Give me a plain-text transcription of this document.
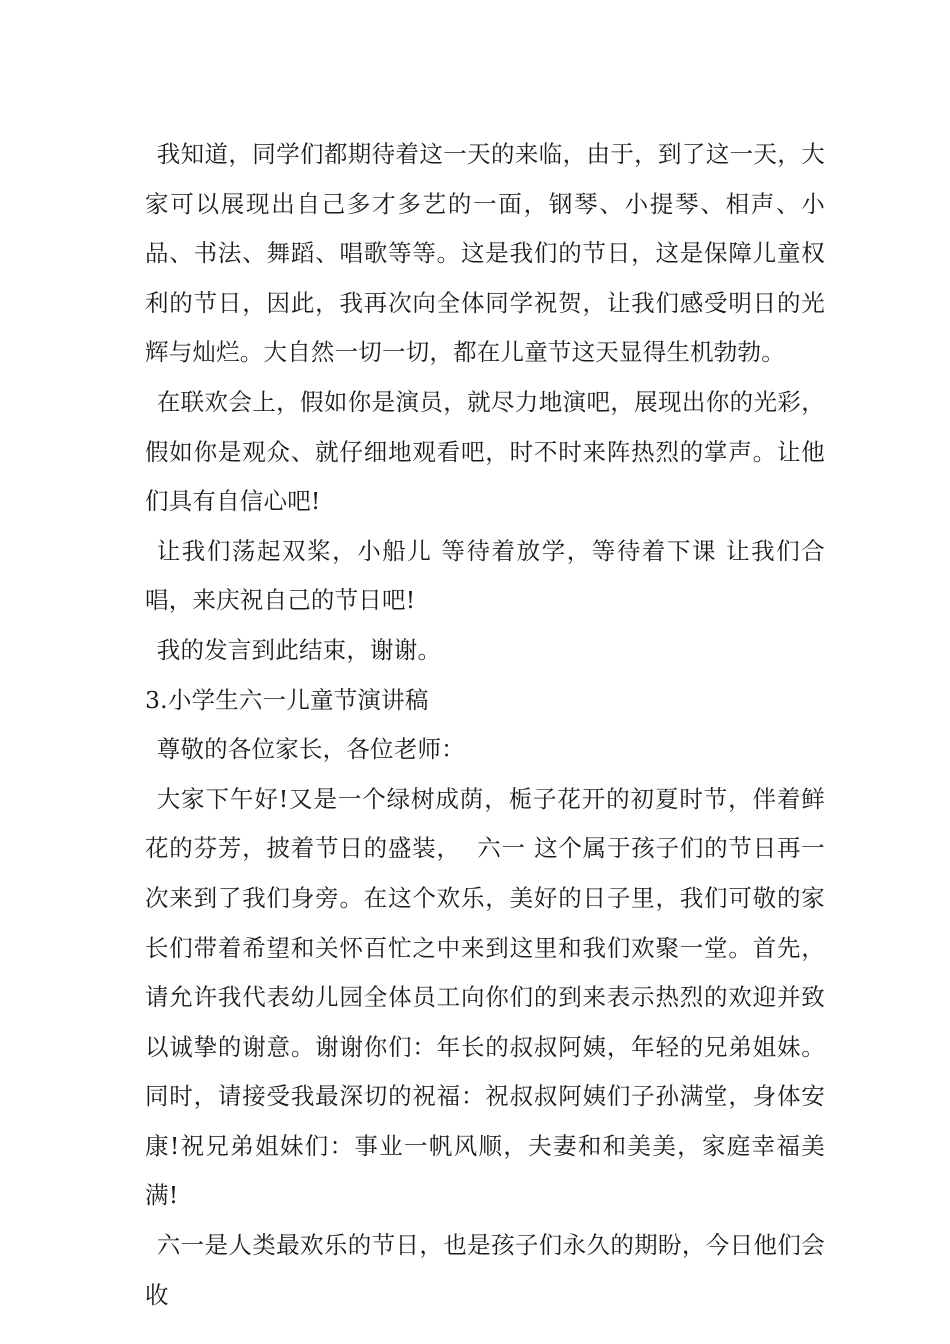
我知道，同学们都期待着这一天的来临，由于，到了这一天，大家可以展现出自己多才多艺的一面，钢琴、小提琴、相声、小品、书法、舞蹈、唱歌等等。这是我们的节日，这是保障儿童权利的节日，因此，我再次向全体同学祝贺，让我们感受明日的光辉与灿烂。大自然一切一切，都在儿童节这天显得生机勃勃。

在联欢会上，假如你是演员，就尽力地演吧，展现出你的光彩，假如你是观众、就仔细地观看吧，时不时来阵热烈的掌声。让他们具有自信心吧!

让我们荡起双桨，小船儿 等待着放学，等待着下课 让我们合唱，来庆祝自己的节日吧!

我的发言到此结束，谢谢。

3.小学生六一儿童节演讲稿

尊敬的各位家长，各位老师：

大家下午好!又是一个绿树成荫，栀子花开的初夏时节，伴着鲜花的芬芳，披着节日的盛装，  六一 这个属于孩子们的节日再一次来到了我们身旁。在这个欢乐，美好的日子里，我们可敬的家长们带着希望和关怀百忙之中来到这里和我们欢聚一堂。首先，请允许我代表幼儿园全体员工向你们的到来表示热烈的欢迎并致以诚挚的谢意。谢谢你们：年长的叔叔阿姨，年轻的兄弟姐妹。同时，请接受我最深切的祝福：祝叔叔阿姨们子孙满堂，身体安康!祝兄弟姐妹们：事业一帆风顺，夫妻和和美美，家庭幸福美满!

六一是人类最欢乐的节日，也是孩子们永久的期盼，今日他们会收
